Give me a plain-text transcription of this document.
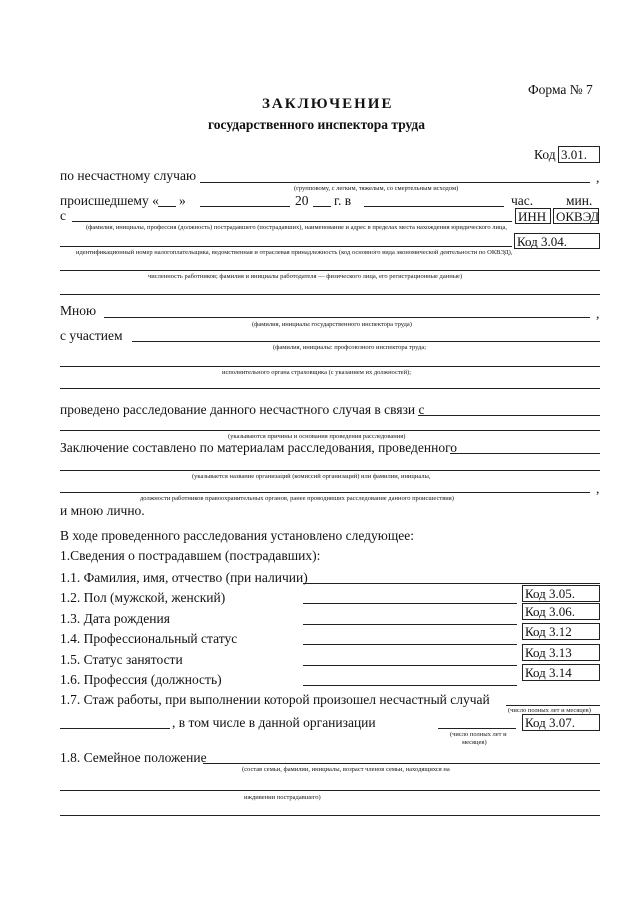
Форма № 7
ЗАКЛЮЧЕНИЕ
государственного инспектора труда
Код 3.01.
по несчастному случаю	,
(групповому, с легким, тяжелым, со смертельным исходом)
происшедшему « »	20 г. в	час. мин.
с	ИНН ОКВЭД
(фамилия, инициалы, профессия (должность) пострадавшего (пострадавших), наименование и адрес в пределах места нахождения юридического лица,
Код 3.04.
идентификационный номер налогоплательщика, ведомственная и отраслевая принадлежность (код основного вида экономической деятельности по ОКВЭД),
численность работников; фамилия и инициалы работодателя — физического лица, его регистрационные данные)
Мною	,
(фамилия, инициалы государственного инспектора труда)
с участием
(фамилия, инициалы: профсоюзного инспектора труда;
исполнительного органа страховщика (с указанием их должностей);
проведено расследование данного несчастного случая в связи с
(указываются причины и основания проведения расследования)
Заключение составлено по материалам расследования, проведенного
(указывается название организаций (комиссий организаций) или фамилии, инициалы,
,
должности работников правоохранительных органов, ранее проводивших расследование данного происшествия)
и мною лично.
В ходе проведенного расследования установлено следующее:
1.Сведения о пострадавшем (пострадавших):
1.1. Фамилия, имя, отчество (при наличии)
1.2. Пол (мужской, женский)	Код 3.05.
1.3. Дата рождения	Код 3.06.
1.4. Профессиональный статус	Код 3.12
1.5. Статус занятости	Код 3.13
1.6. Профессия (должность)	Код 3.14
1.7. Стаж работы, при выполнении которой произошел несчастный случай
(число полных лет и месяцев)
, в том числе в данной организации	Код 3.07.
(число полных лет и
месяцев)
1.8. Семейное положение
(состав семьи, фамилии, инициалы, возраст членов семьи, находящихся на
иждивении пострадавшего)
